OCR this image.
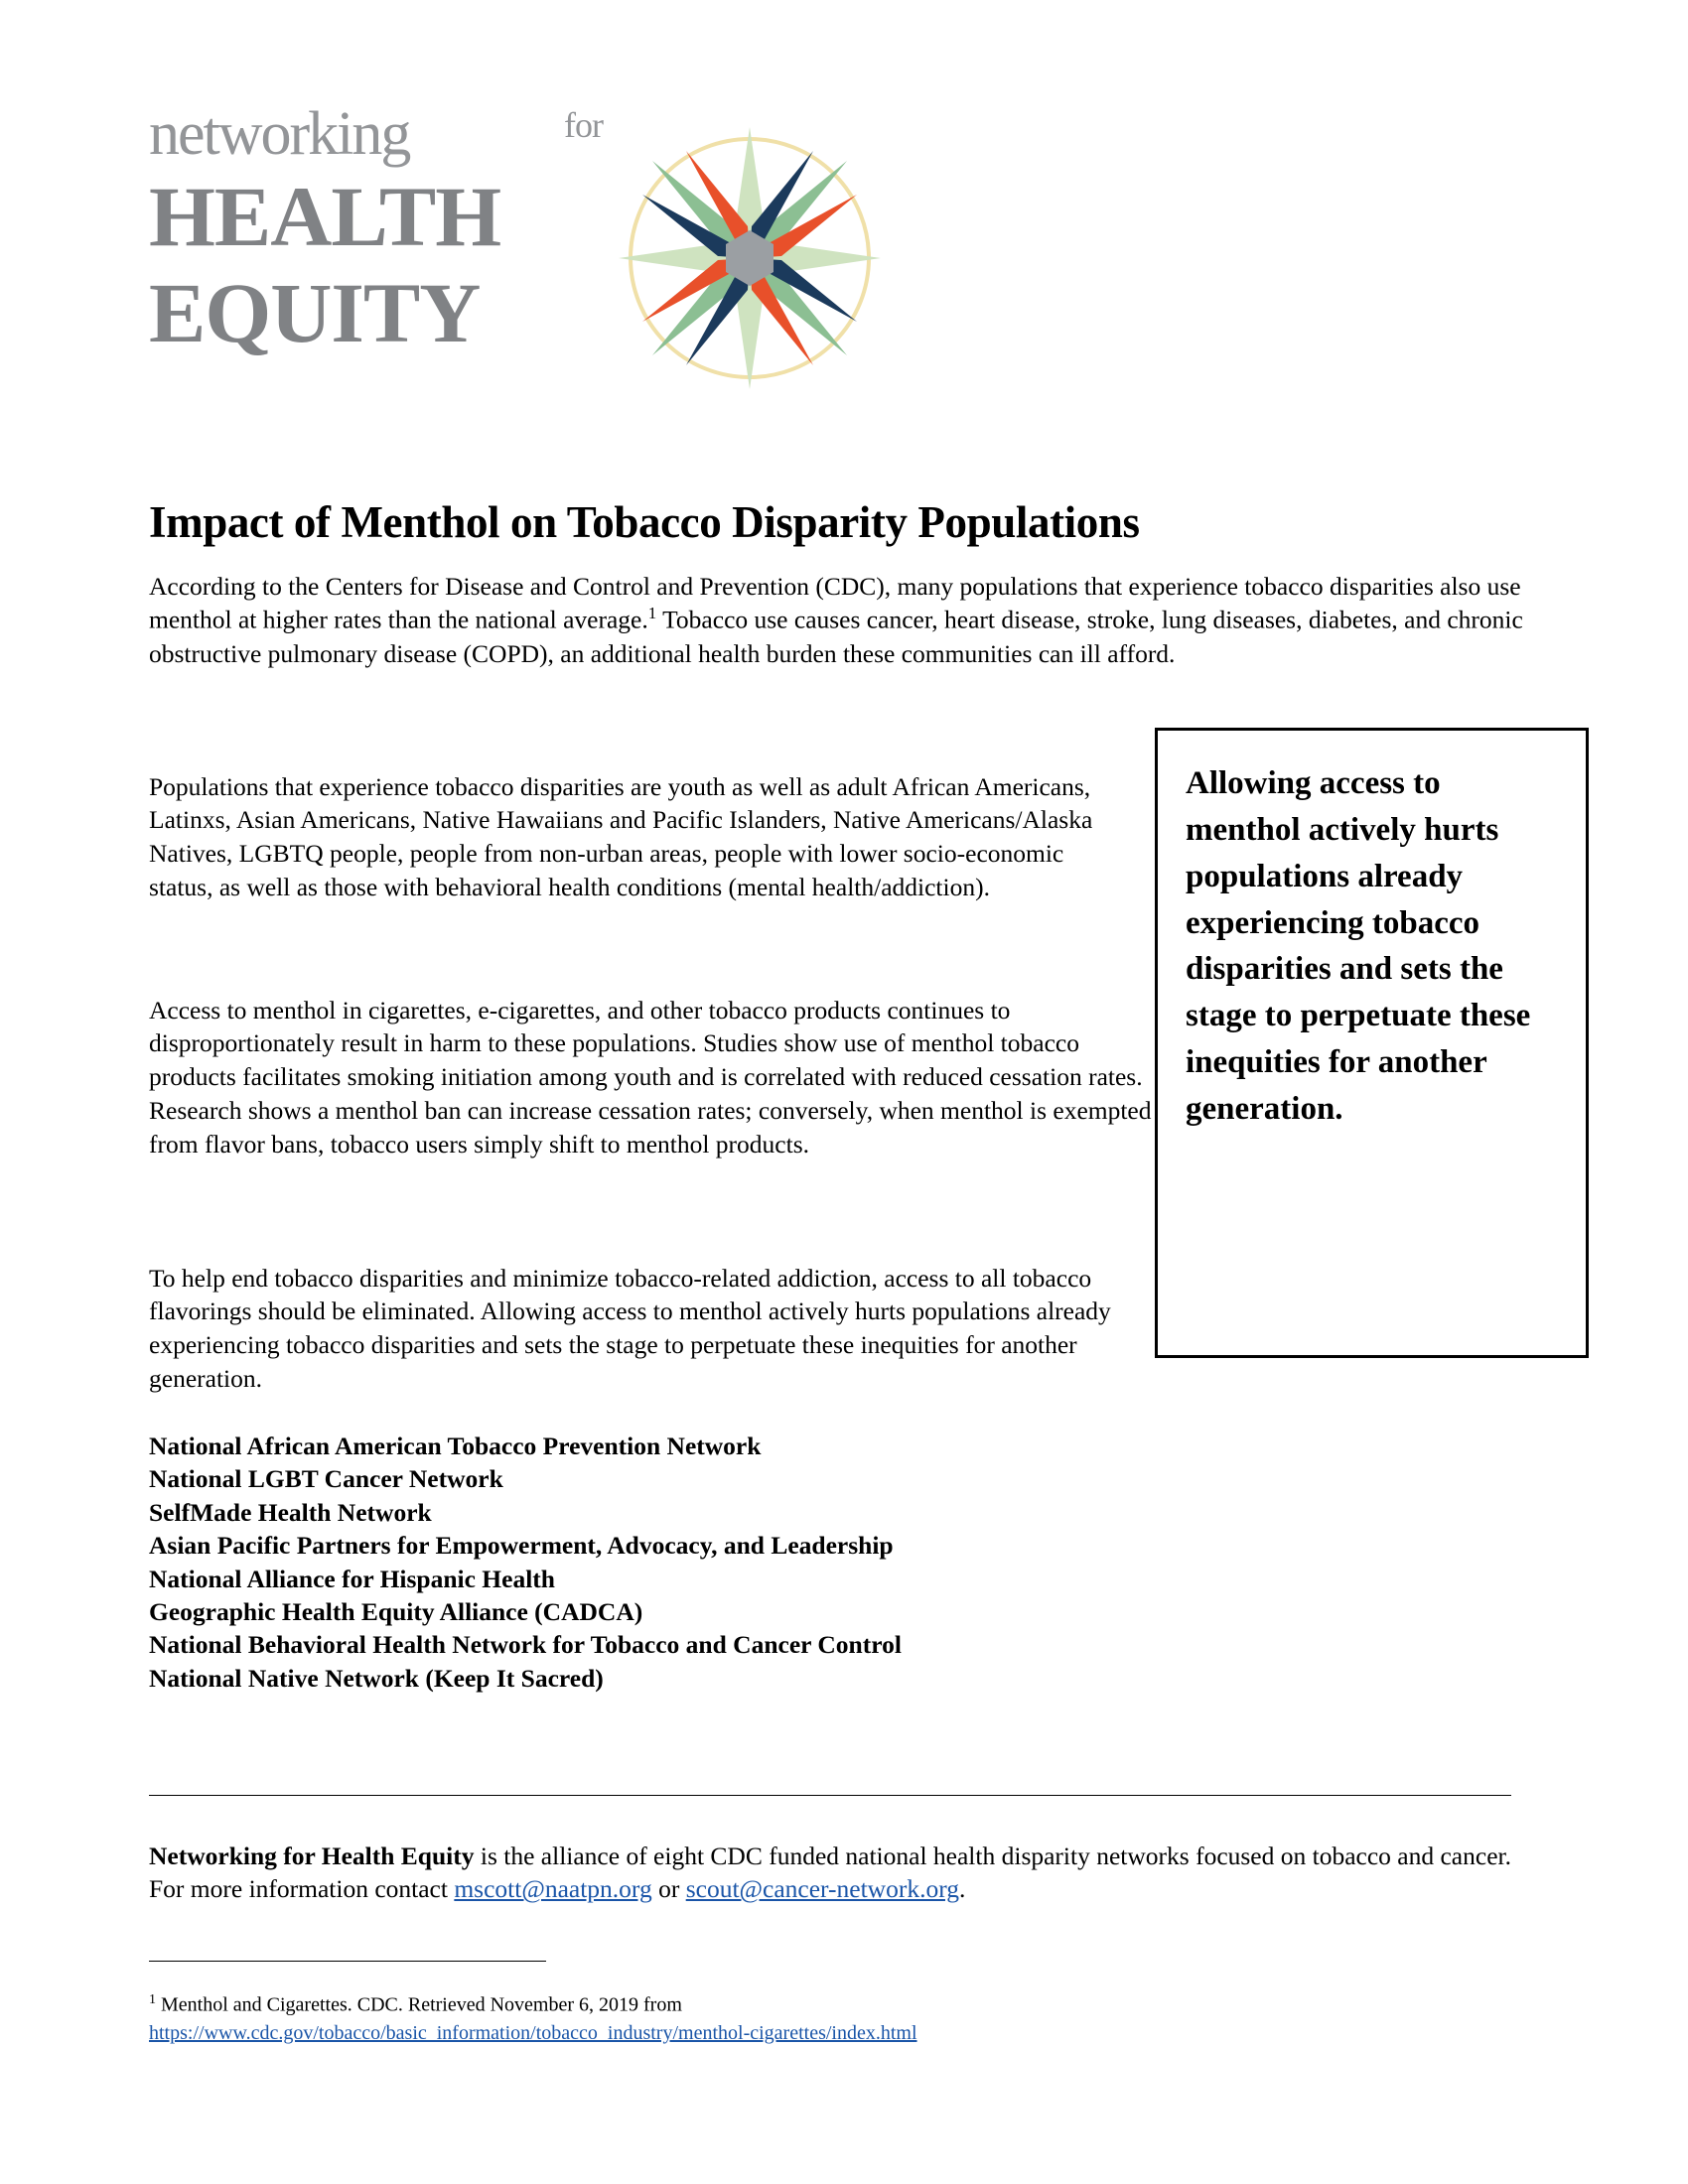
networking	for
HEALTH
EQUITY
Impact of Menthol on Tobacco Disparity Populations

According to the Centers for Disease and Control and Prevention (CDC), many populations that experience tobacco disparities also use menthol at higher rates than the national average.$^1$ Tobacco use causes cancer, heart disease, stroke, lung diseases, diabetes, and chronic obstructive pulmonary disease (COPD), an additional health burden these communities can ill afford.

Populations that experience tobacco disparities are youth as well as adult African Americans, Latinxs, Asian Americans, Native Hawaiians and Pacific Islanders, Native Americans/Alaska Natives, LGBTQ people, people from non-urban areas, people with lower socio-economic status, as well as those with behavioral health conditions (mental health/addiction).

Access to menthol in cigarettes, e-cigarettes, and other tobacco products continues to disproportionately result in harm to these populations. Studies show use of menthol tobacco products facilitates smoking initiation among youth and is correlated with reduced cessation rates. Research shows a menthol ban can increase cessation rates; conversely, when menthol is exempted from flavor bans, tobacco users simply shift to menthol products.

To help end tobacco disparities and minimize tobacco-related addiction, access to all tobacco flavorings should be eliminated. Allowing access to menthol actively hurts populations already experiencing tobacco disparities and sets the stage to perpetuate these inequities for another generation.

Allowing access to menthol actively hurts populations already experiencing tobacco disparities and sets the stage to perpetuate these inequities for another generation.
National African American Tobacco Prevention Network
National LGBT Cancer Network
SelfMade Health Network
Asian Pacific Partners for Empowerment, Advocacy, and Leadership
National Alliance for Hispanic Health
Geographic Health Equity Alliance (CADCA)
National Behavioral Health Network for Tobacco and Cancer Control
National Native Network (Keep It Sacred)

Networking for Health Equity is the alliance of eight CDC funded national health disparity networks focused on tobacco and cancer. For more information contact mscott@naatpn.org or scout@cancer-network.org.

$^1$ Menthol and Cigarettes. CDC. Retrieved November 6, 2019 from
https://www.cdc.gov/tobacco/basic_information/tobacco_industry/menthol-cigarettes/index.html
